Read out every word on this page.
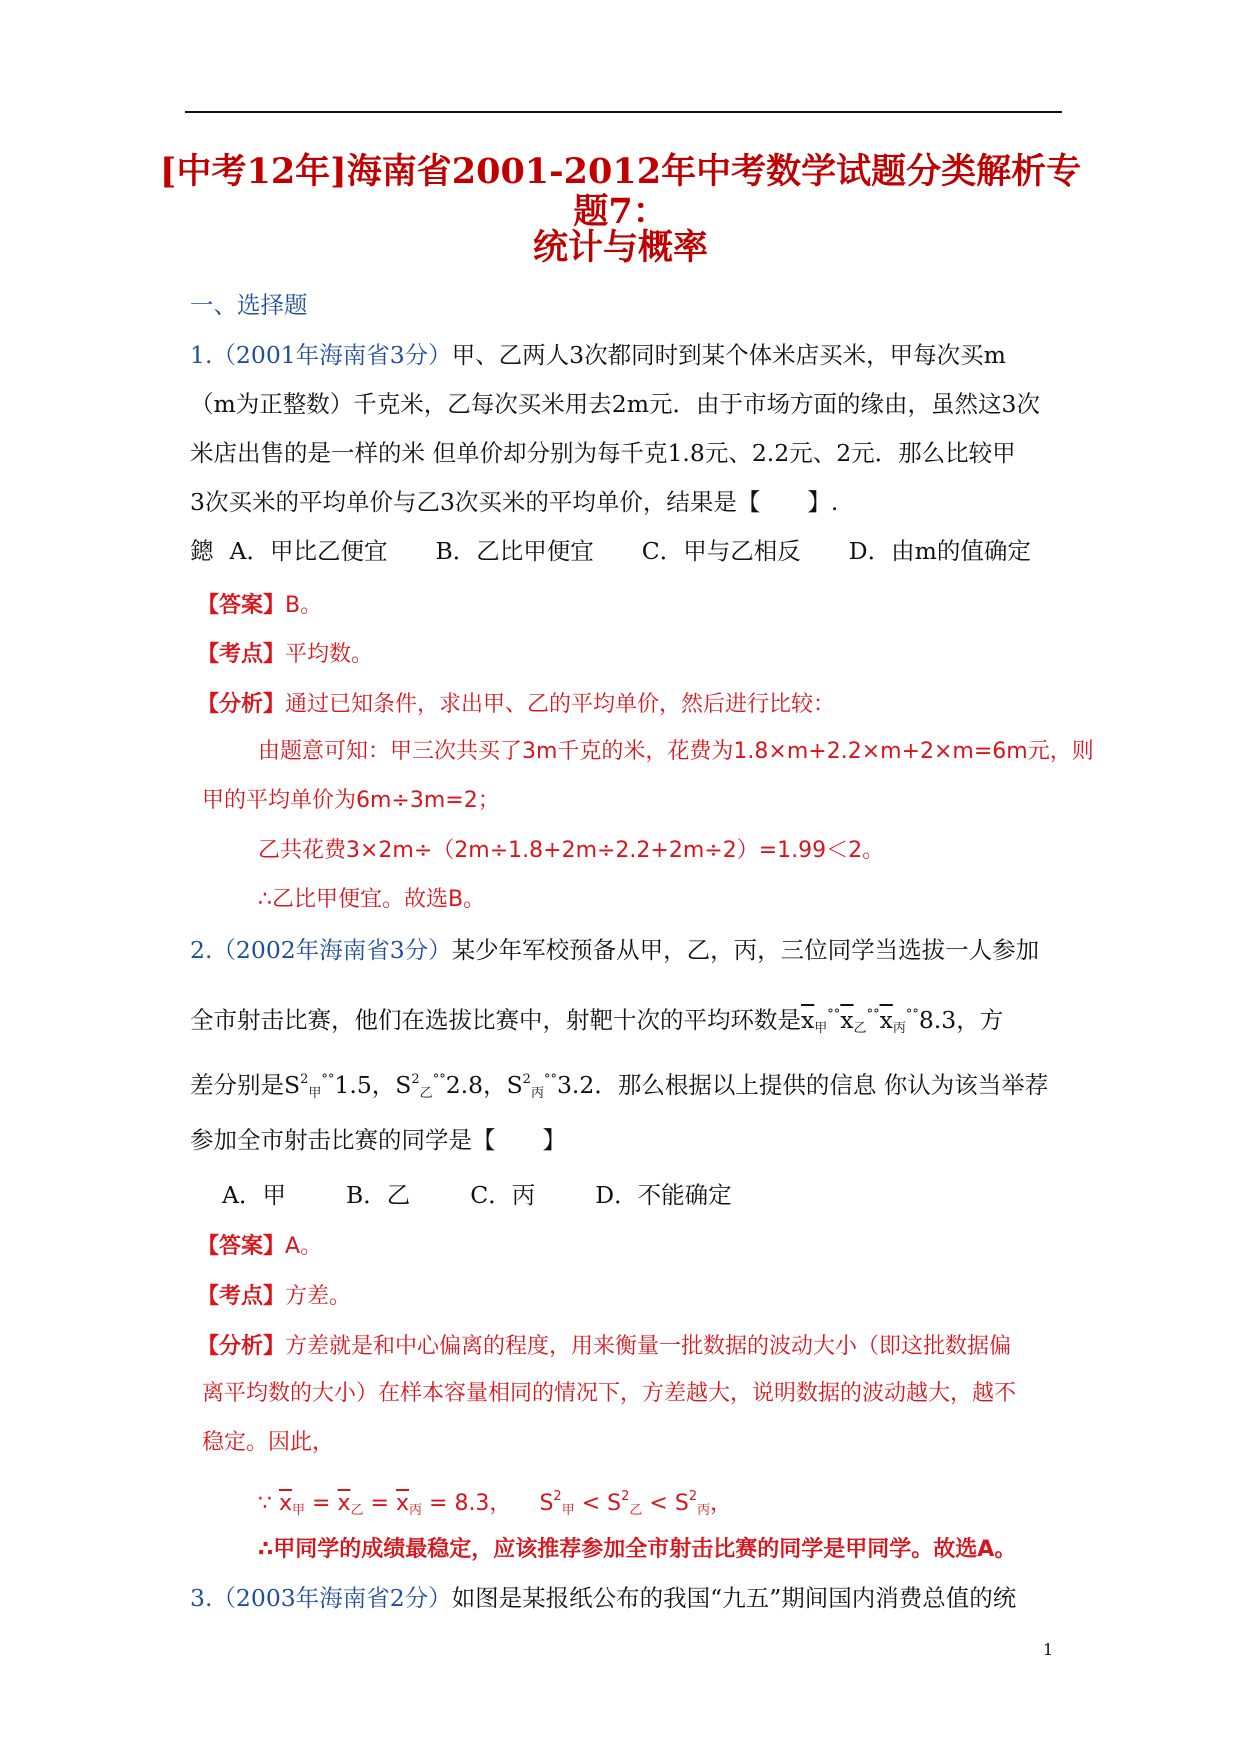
[中考12年]海南省2001-2012年中考数学试题分类解析专题7：
统计与概率
一、选择题
1.（2001年海南省3分）甲、乙两人3次都同时到某个体米店买米，甲每次买m
（m为正整数）千克米，乙每次买米用去2m元．由于市场方面的缘由，虽然这3次
米店出售的是一样的米 但单价却分别为每千克1.8元、2.2元、2元．那么比较甲
3次买米的平均单价与乙3次买米的平均单价，结果是【　　】.
鏓 A．甲比乙便宜 B．乙比甲便宜 C．甲与乙相反 D．由m的值确定
【答案】B。
【考点】平均数。
【分析】通过已知条件，求出甲、乙的平均单价，然后进行比较：
由题意可知：甲三次共买了3m千克的米，花费为1.8×m+2.2×m+2×m=6m元，则
甲的平均单价为6m÷3m=2；
乙共花费3×2m÷（2m÷1.8+2m÷2.2+2m÷2）=1.99＜2。
∴乙比甲便宜。故选B。
2.（2002年海南省3分）某少年军校预备从甲，乙，丙，三位同学当选拔一人参加
全市射击比赛，他们在选拔比赛中，射靶十次的平均环数是$\overline{x}_甲^{^\circ^\circ}\overline{x}_乙^{^\circ^\circ}\overline{x}_丙^{^\circ^\circ}8.3$，方
差分别是$S^2_甲^{^\circ^\circ}1.5$，$S^2_乙^{^\circ^\circ}2.8$，$S^2_丙^{^\circ^\circ}3.2$．那么根据以上提供的信息 你认为该当举荐
参加全市射击比赛的同学是【　　】
A．甲	B．乙	C．丙	D．不能确定
【答案】A。
【考点】方差。
【分析】方差就是和中心偏离的程度，用来衡量一批数据的波动大小（即这批数据偏
离平均数的大小）在样本容量相同的情况下，方差越大，说明数据的波动越大，越不
稳定。因此，
∵ $\overline{x}_甲 = \overline{x}_乙 = \overline{x}_丙 = 8.3$， $S^2_甲 < S^2_乙 < S^2_丙$，
∴甲同学的成绩最稳定，应该推荐参加全市射击比赛的同学是甲同学。故选A。
3.（2003年海南省2分）如图是某报纸公布的我国“九五”期间国内消费总值的统
1
